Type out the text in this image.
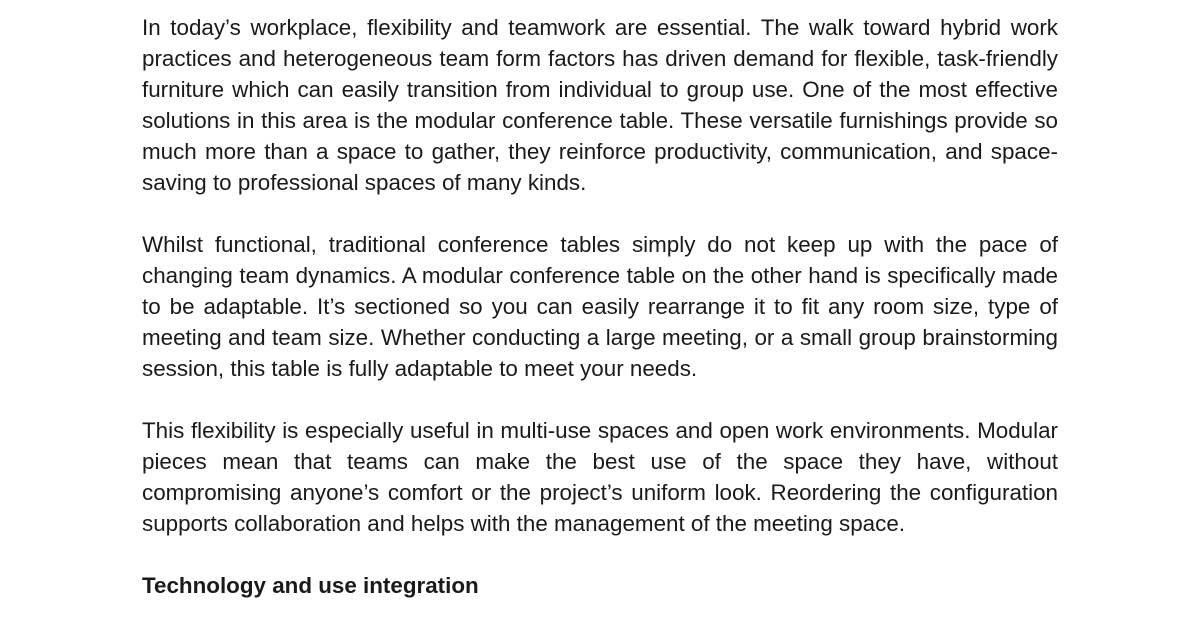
In today’s workplace, flexibility and teamwork are essential. The walk toward hybrid work practices and heterogeneous team form factors has driven demand for flexible, task-friendly furniture which can easily transition from individual to group use. One of the most effective solutions in this area is the modular conference table. These versatile furnishings provide so much more than a space to gather, they reinforce productivity, communication, and space-saving to professional spaces of many kinds.

Whilst functional, traditional conference tables simply do not keep up with the pace of changing team dynamics. A modular conference table on the other hand is specifically made to be adaptable. It’s sectioned so you can easily rearrange it to fit any room size, type of meeting and team size. Whether conducting a large meeting, or a small group brainstorming session, this table is fully adaptable to meet your needs.

This flexibility is especially useful in multi-use spaces and open work environments. Modular pieces mean that teams can make the best use of the space they have, without compromising anyone’s comfort or the project’s uniform look. Reordering the configuration supports collaboration and helps with the management of the meeting space.

Technology and use integration
